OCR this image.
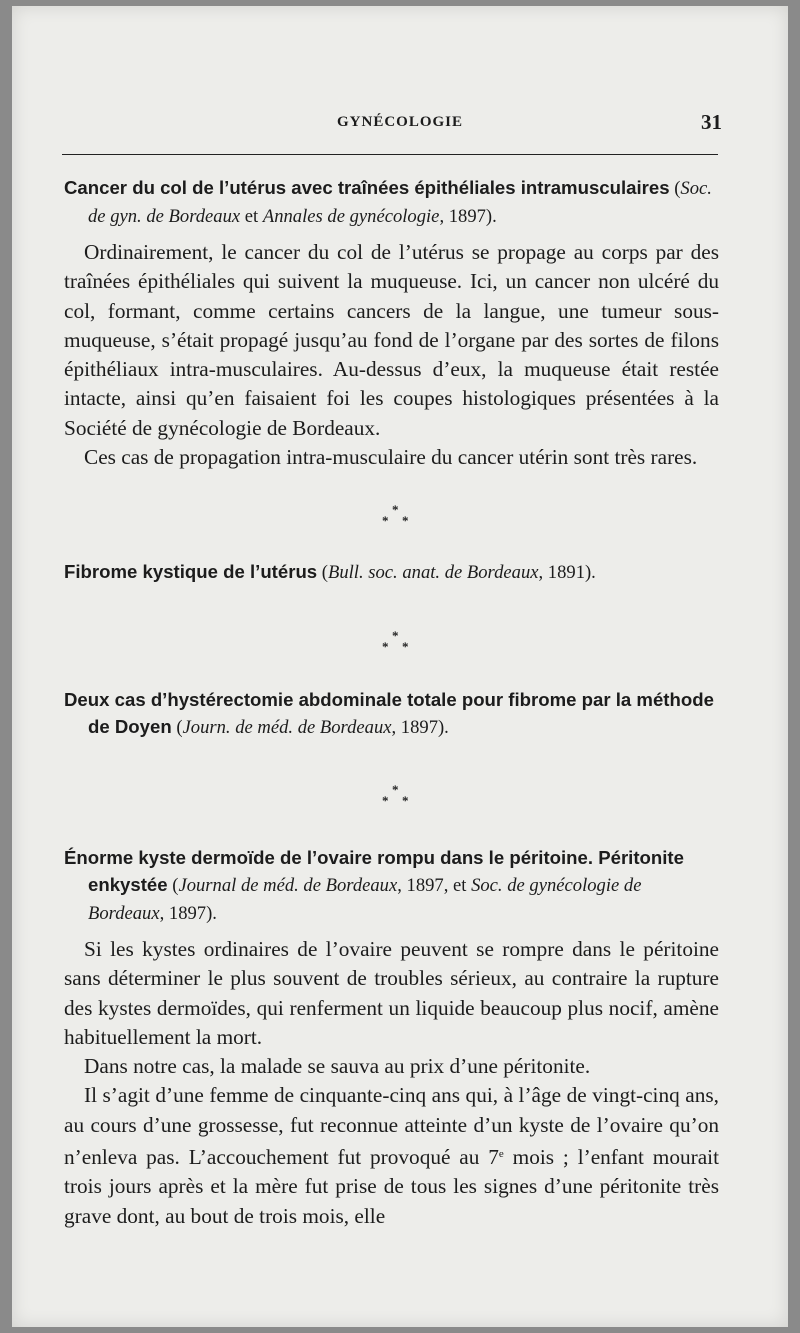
GYNÉCOLOGIE	31
Cancer du col de l’utérus avec traînées épithéliales intramusculaires (Soc. de gyn. de Bordeaux et Annales de gynécologie, 1897).

Ordinairement, le cancer du col de l’utérus se propage au corps par des traînées épithéliales qui suivent la muqueuse. Ici, un cancer non ulcéré du col, formant, comme certains cancers de la langue, une tumeur sous-muqueuse, s’était propagé jusqu’au fond de l’organe par des sortes de filons épithéliaux intra-musculaires. Au-dessus d’eux, la muqueuse était restée intacte, ainsi qu’en faisaient foi les coupes histologiques présentées à la Société de gynécologie de Bordeaux.

Ces cas de propagation intra-musculaire du cancer utérin sont très rares.

*
* *
Fibrome kystique de l’utérus (Bull. soc. anat. de Bordeaux, 1891).
*
* *
Deux cas d’hystérectomie abdominale totale pour fibrome par la méthode de Doyen (Journ. de méd. de Bordeaux, 1897).
*
* *
Énorme kyste dermoïde de l’ovaire rompu dans le péritoine. Péritonite enkystée (Journal de méd. de Bordeaux, 1897, et Soc. de gynécologie de Bordeaux, 1897).

Si les kystes ordinaires de l’ovaire peuvent se rompre dans le péritoine sans déterminer le plus souvent de troubles sérieux, au contraire la rupture des kystes dermoïdes, qui renferment un liquide beaucoup plus nocif, amène habituellement la mort.

Dans notre cas, la malade se sauva au prix d’une péritonite.

Il s’agit d’une femme de cinquante-cinq ans qui, à l’âge de vingt-cinq ans, au cours d’une grossesse, fut reconnue atteinte d’un kyste de l’ovaire qu’on n’enleva pas. L’accouchement fut provoqué au 7e mois ; l’enfant mourait trois jours après et la mère fut prise de tous les signes d’une péritonite très grave dont, au bout de trois mois, elle
